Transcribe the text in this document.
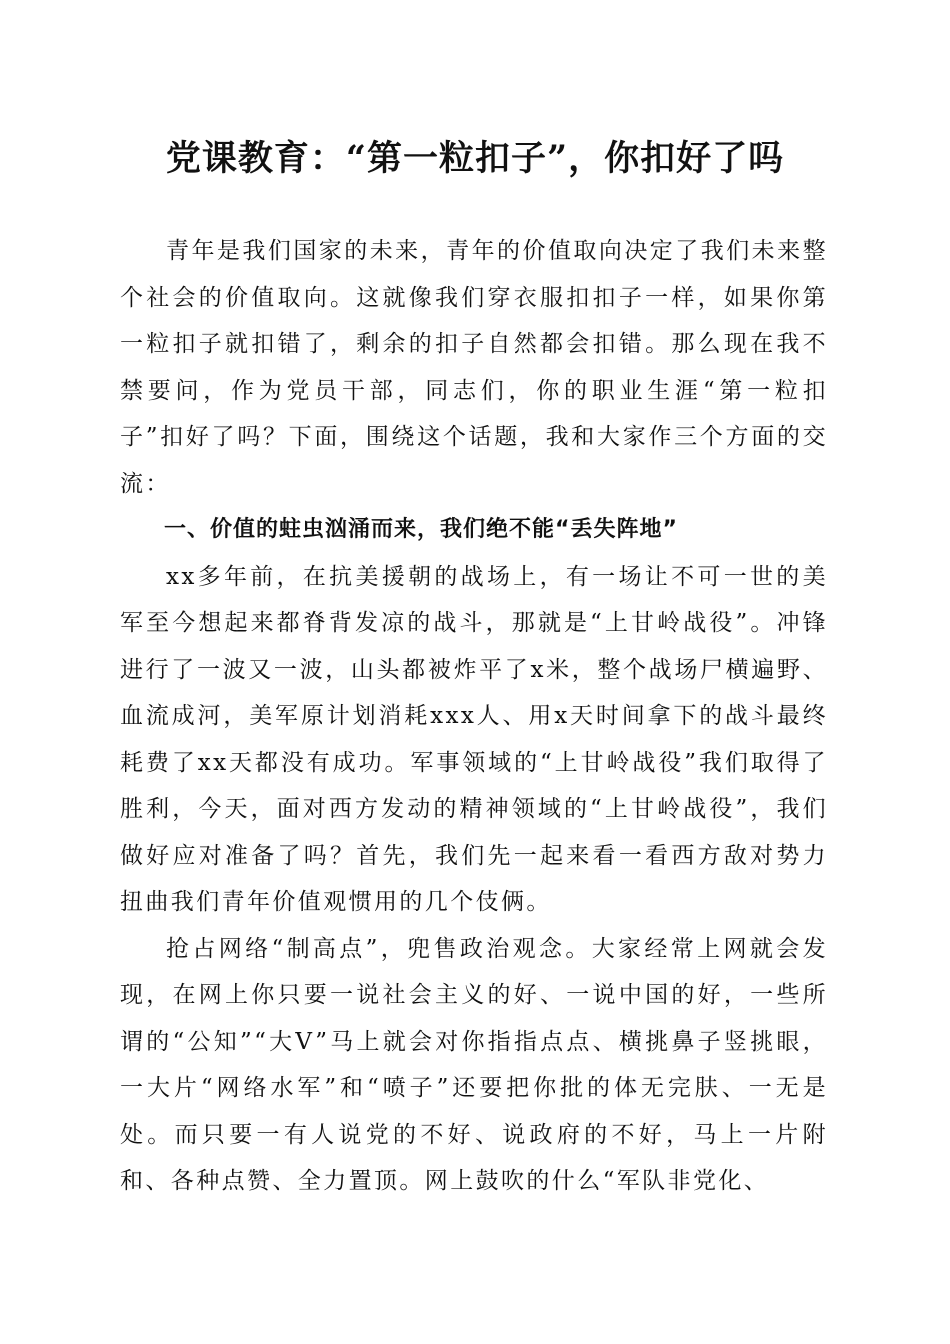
党课教育：“第一粒扣子”，你扣好了吗

青年是我们国家的未来，青年的价值取向决定了我们未来整个社会的价值取向。这就像我们穿衣服扣扣子一样，如果你第一粒扣子就扣错了，剩余的扣子自然都会扣错。那么现在我不禁要问，作为党员干部，同志们，你的职业生涯“第一粒扣子”扣好了吗？下面，围绕这个话题，我和大家作三个方面的交流：

一、价值的蛀虫汹涌而来，我们绝不能“丢失阵地”

xx多年前，在抗美援朝的战场上，有一场让不可一世的美军至今想起来都脊背发凉的战斗，那就是“上甘岭战役”。冲锋进行了一波又一波，山头都被炸平了x米，整个战场尸横遍野、血流成河，美军原计划消耗xxx人、用x天时间拿下的战斗最终耗费了xx天都没有成功。军事领域的“上甘岭战役”我们取得了胜利，今天，面对西方发动的精神领域的“上甘岭战役”，我们做好应对准备了吗？首先，我们先一起来看一看西方敌对势力扭曲我们青年价值观惯用的几个伎俩。

抢占网络“制高点”，兜售政治观念。大家经常上网就会发现，在网上你只要一说社会主义的好、一说中国的好，一些所谓的“公知”“大V”马上就会对你指指点点、横挑鼻子竖挑眼，一大片“网络水军”和“喷子”还要把你批的体无完肤、一无是处。而只要一有人说党的不好、说政府的不好，马上一片附和、各种点赞、全力置顶。网上鼓吹的什么“军队非党化、
